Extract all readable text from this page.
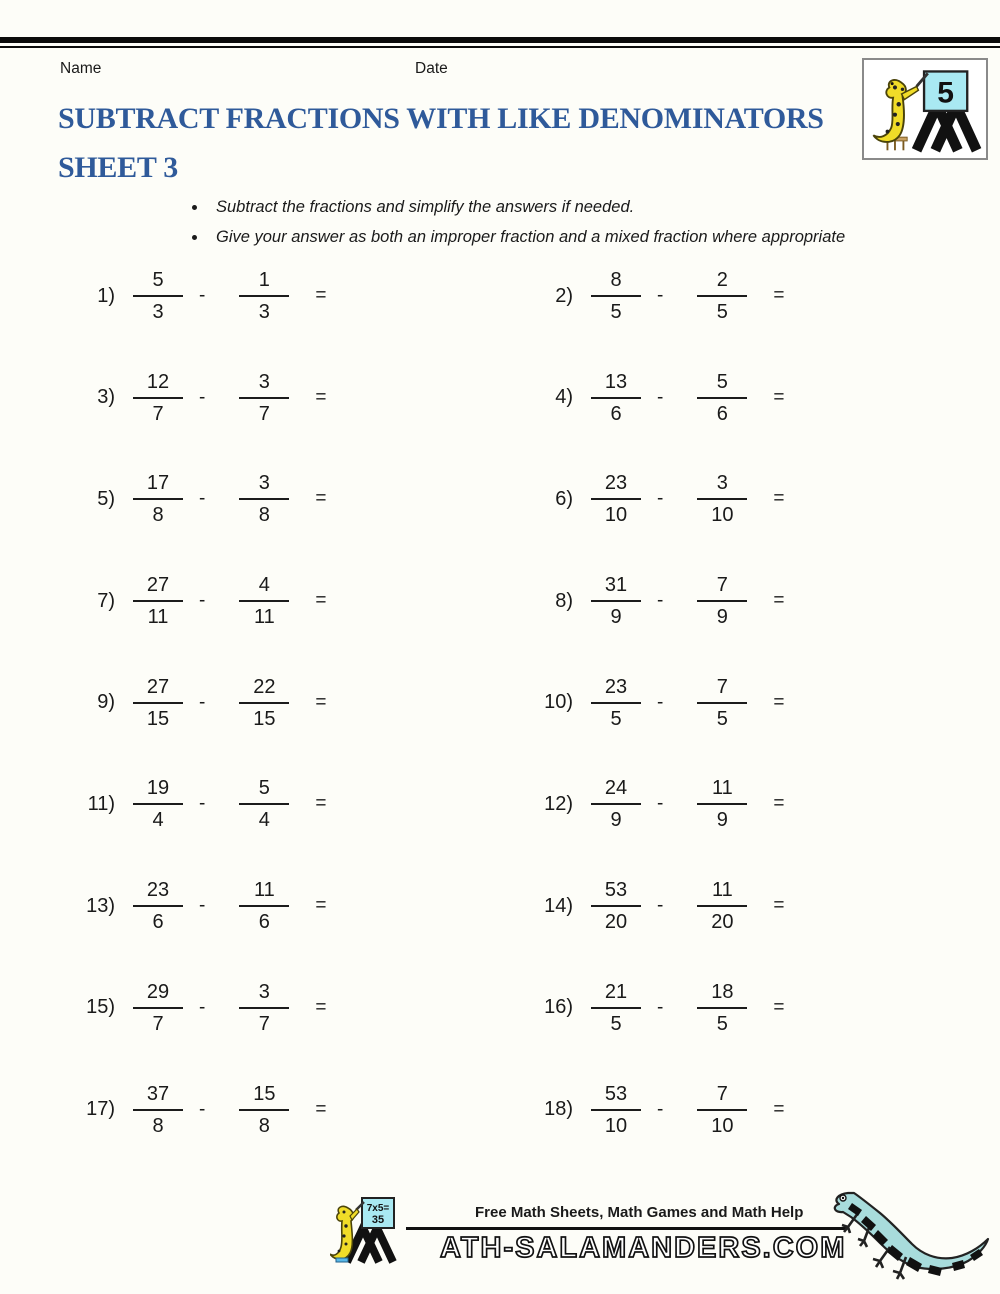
Name	Date
5
SUBTRACT FRACTIONS WITH LIKE DENOMINATORS
SHEET 3
• Subtract the fractions and simplify the answers if needed.
• Give your answer as both an improper fraction and a mixed fraction where appropriate
$1) \frac{5}{3} - \frac{1}{3}$ =	$2) \frac{8}{5} - \frac{2}{5}$ =
$3) \frac{12}{7} - \frac{3}{7}$ =	$4) \frac{13}{6} - \frac{5}{6}$ =
$5) \frac{17}{8} - \frac{3}{8}$ =	$6) \frac{23}{10} - \frac{3}{10}$ =
$7) \frac{27}{11} - \frac{4}{11}$ =	$8) \frac{31}{9} - \frac{7}{9}$ =
$9) \frac{27}{15} - \frac{22}{15}$ =	$10) \frac{23}{5} - \frac{7}{5}$ =
$11) \frac{19}{4} - \frac{5}{4}$ =	$12) \frac{24}{9} - \frac{11}{9}$ =
$13) \frac{23}{6} - \frac{11}{6}$ =	$14) \frac{53}{20} - \frac{11}{20}$ =
$15) \frac{29}{7} - \frac{3}{7}$ =	$16) \frac{21}{5} - \frac{18}{5}$ =
$17) \frac{37}{8} - \frac{15}{8}$ =	$18) \frac{53}{10} - \frac{7}{10}$ =
7x5=
35	Free Math Sheets, Math Games and Math Help
ATH-SALAMANDERS.COM
